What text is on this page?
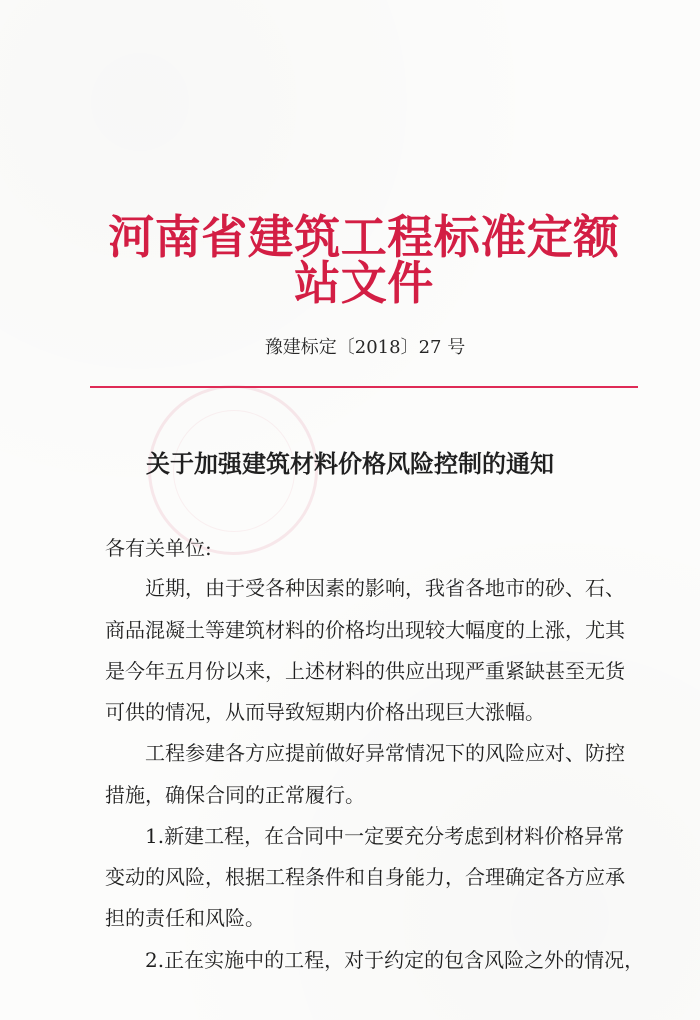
河南省建筑工程标准定额站文件
豫建标定〔2018〕27 号
关于加强建筑材料价格风险控制的通知
各有关单位:
近期，由于受各种因素的影响，我省各地市的砂、石、
商品混凝土等建筑材料的价格均出现较大幅度的上涨，尤其
是今年五月份以来，上述材料的供应出现严重紧缺甚至无货
可供的情况，从而导致短期内价格出现巨大涨幅。
工程参建各方应提前做好异常情况下的风险应对、防控
措施，确保合同的正常履行。
1.新建工程，在合同中一定要充分考虑到材料价格异常
变动的风险，根据工程条件和自身能力，合理确定各方应承
担的责任和风险。
2.正在实施中的工程，对于约定的包含风险之外的情况，
